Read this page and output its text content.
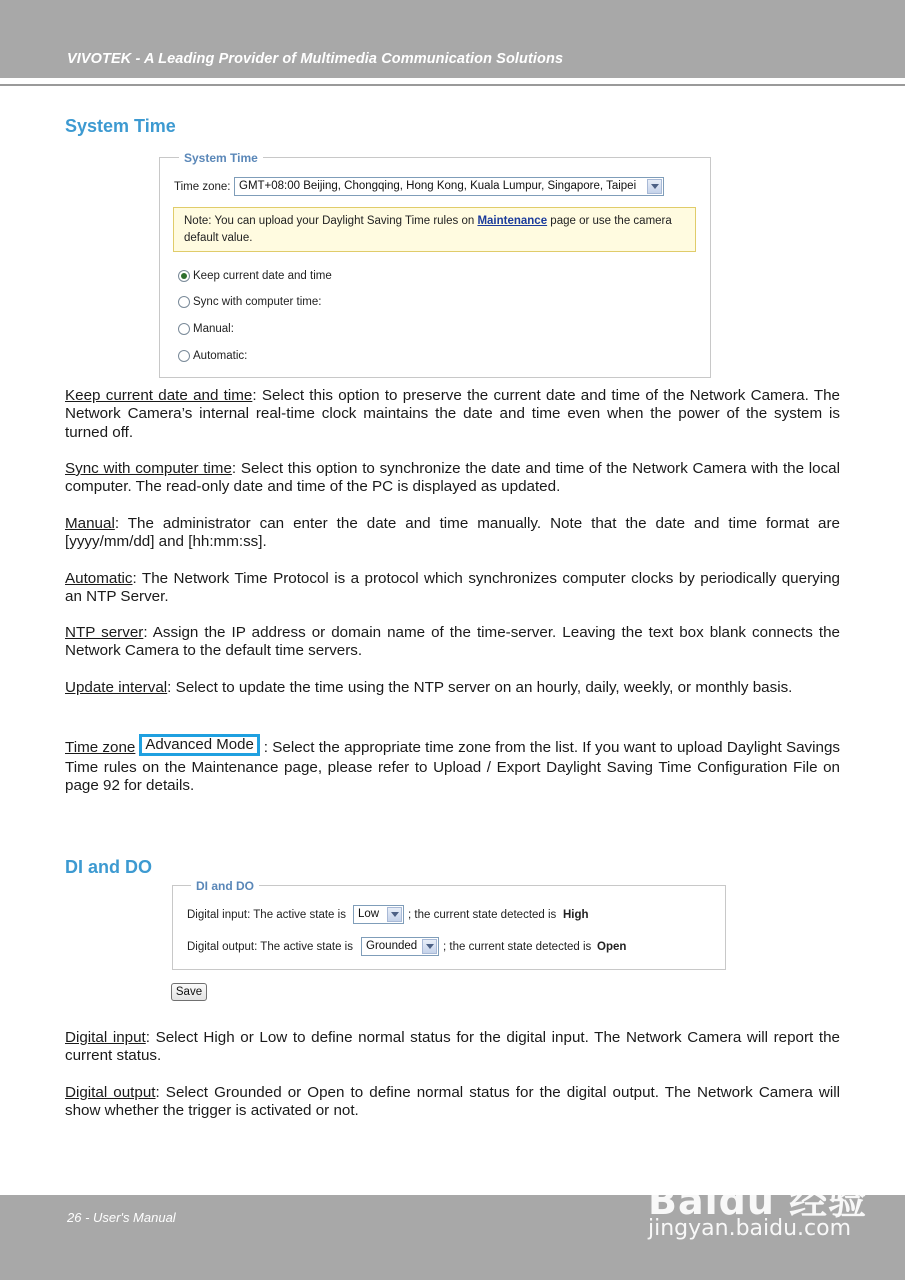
VIVOTEK - A Leading Provider of Multimedia Communication Solutions
System Time
System Time
Time zone: GMT+08:00 Beijing, Chongqing, Hong Kong, Kuala Lumpur, Singapore, Taipei
Note: You can upload your Daylight Saving Time rules on Maintenance page or use the camera default value.
Keep current date and time
Sync with computer time:
Manual:
Automatic:
Keep current date and time: Select this option to preserve the current date and time of the Network Camera. The Network Camera’s internal real-time clock maintains the date and time even when the power of the system is turned off.
Sync with computer time: Select this option to synchronize the date and time of the Network Camera with the local computer. The read-only date and time of the PC is displayed as updated.
Manual: The administrator can enter the date and time manually. Note that the date and time format are [yyyy/mm/dd] and [hh:mm:ss].
Automatic: The Network Time Protocol is a protocol which synchronizes computer clocks by periodically querying an NTP Server.
NTP server: Assign the IP address or domain name of the time-server. Leaving the text box blank connects the Network Camera to the default time servers.
Update interval: Select to update the time using the NTP server on an hourly, daily, weekly, or monthly basis.
Time zone Advanced Mode : Select the appropriate time zone from the list. If you want to upload Daylight Savings Time rules on the Maintenance page, please refer to Upload / Export Daylight Saving Time Configuration File on page 92 for details.
DI and DO
DI and DO
Digital input: The active state is	Low	; the current state detected is High
Digital output: The active state is	Grounded	; the current state detected is Open
Save
Digital input: Select High or Low to define normal status for the digital input. The Network Camera will report the current status.
Digital output: Select Grounded or Open to define normal status for the digital output. The Network Camera will show whether the trigger is activated or not.
26 - User's Manual	Baidu 经验
jingyan.baidu.com
